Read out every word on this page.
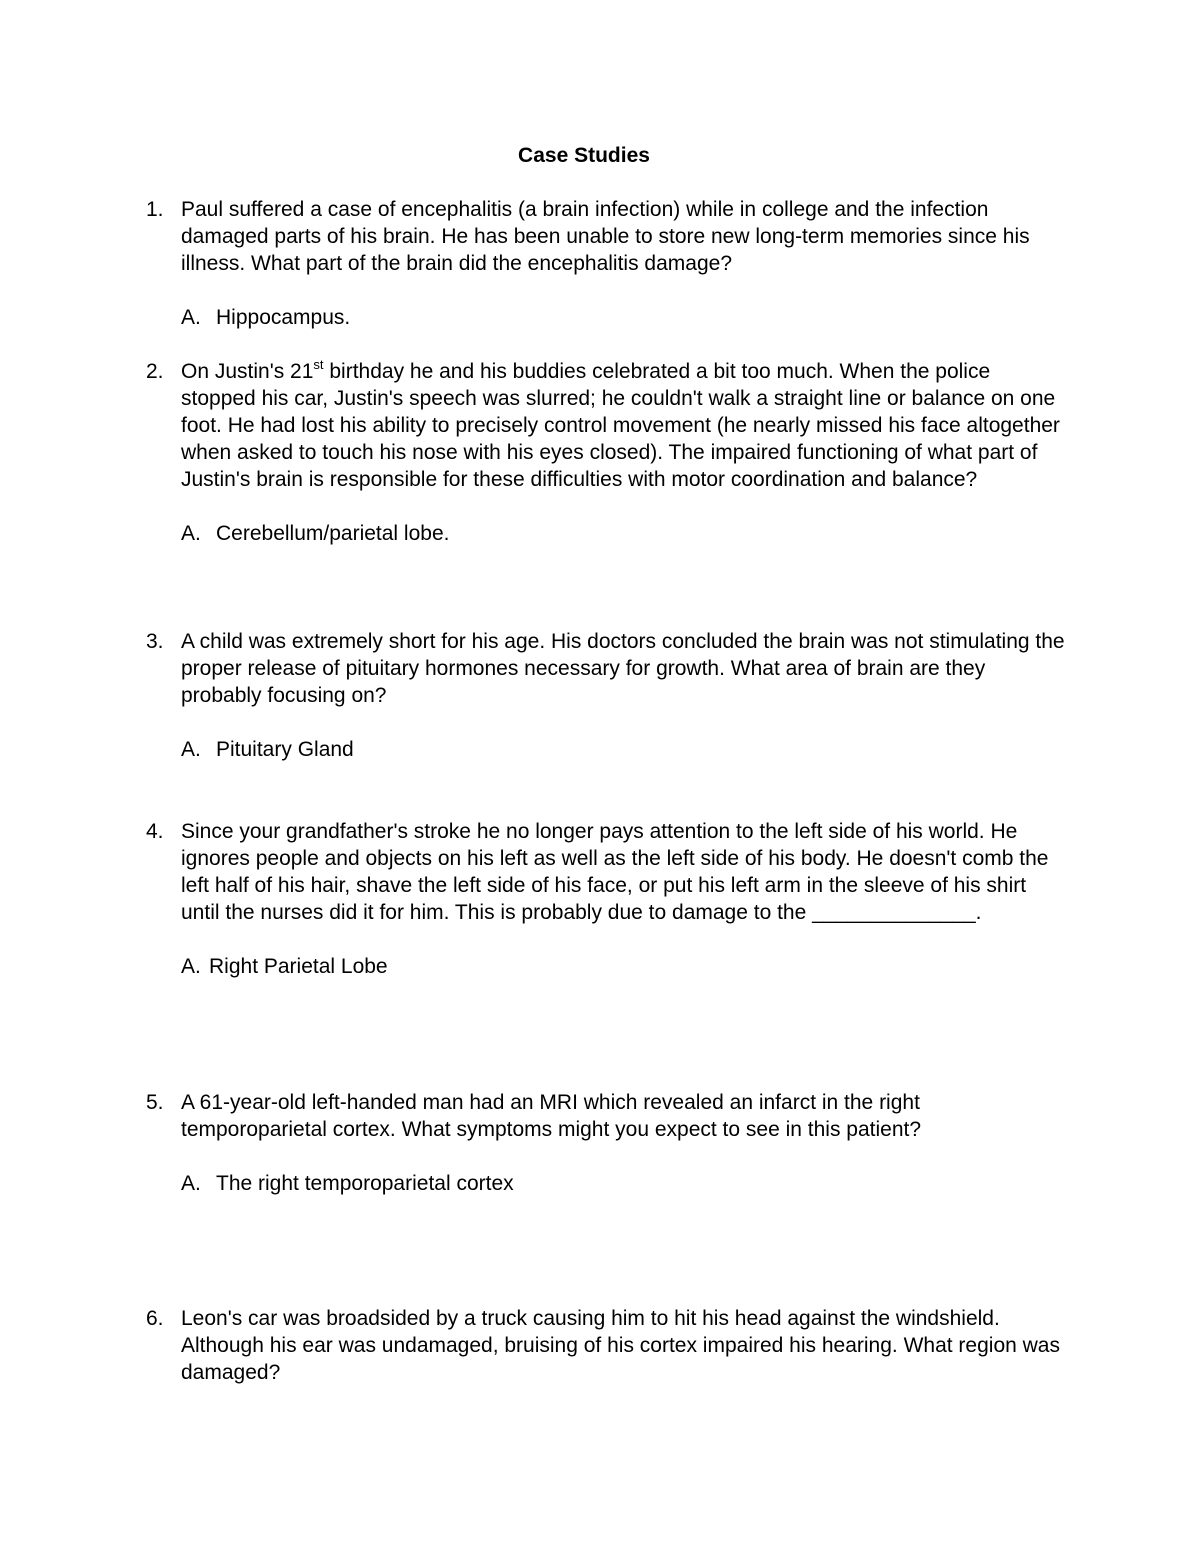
Case Studies
1. Paul suffered a case of encephalitis (a brain infection) while in college and the infection damaged parts of his brain. He has been unable to store new long-term memories since his illness. What part of the brain did the encephalitis damage?
A. Hippocampus.
2. On Justin's 21st birthday he and his buddies celebrated a bit too much. When the police stopped his car, Justin's speech was slurred; he couldn't walk a straight line or balance on one foot. He had lost his ability to precisely control movement (he nearly missed his face altogether when asked to touch his nose with his eyes closed). The impaired functioning of what part of Justin's brain is responsible for these difficulties with motor coordination and balance?
A. Cerebellum/parietal lobe.
3. A child was extremely short for his age. His doctors concluded the brain was not stimulating the proper release of pituitary hormones necessary for growth. What area of brain are they probably focusing on?
A. Pituitary Gland
4. Since your grandfather's stroke he no longer pays attention to the left side of his world. He ignores people and objects on his left as well as the left side of his body. He doesn't comb the left half of his hair, shave the left side of his face, or put his left arm in the sleeve of his shirt until the nurses did it for him. This is probably due to damage to the ______________.
A. Right Parietal Lobe
5. A 61-year-old left-handed man had an MRI which revealed an infarct in the right temporoparietal cortex. What symptoms might you expect to see in this patient?
A. The right temporoparietal cortex
6. Leon's car was broadsided by a truck causing him to hit his head against the windshield. Although his ear was undamaged, bruising of his cortex impaired his hearing. What region was damaged?
